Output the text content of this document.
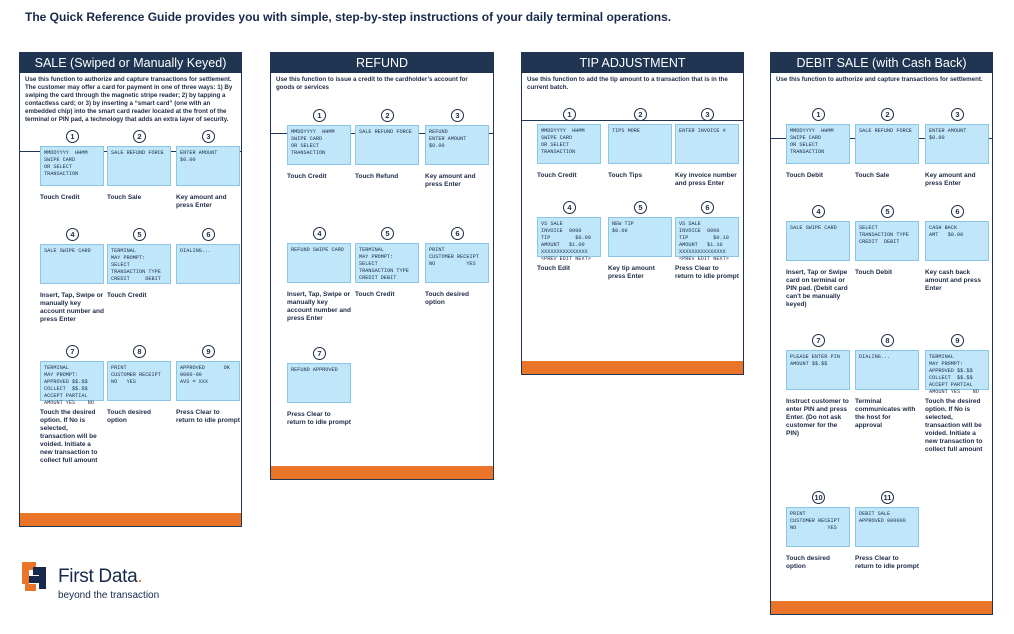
The Quick Reference Guide provides you with simple, step-by-step instructions of your daily terminal operations.
SALE (Swiped or Manually Keyed)
Use this function to authorize and capture transactions for settlement. The customer may offer a card for payment in one of three ways: 1) By swiping the card through the magnetic stripe reader; 2) by tapping a contactless card; or 3) by inserting a “smart card” (one with an embedded chip) into the smart card reader located at the front of the terminal or PIN pad, a technology that adds an extra layer of security.
1
MMDDYYYY  HHMM
SWIPE CARD
OR SELECT
TRANSACTION
Touch Credit
2
SALE REFUND FORCE
Touch Sale
3
ENTER AMOUNT
$0.00
Key amount and press Enter
4
SALE SWIPE CARD
Insert, Tap, Swipe or manually key account number and press Enter
5
TERMINAL
MAY PROMPT:
SELECT
TRANSACTION TYPE
CREDIT     DEBIT
Touch Credit
6
DIALING...
7
TERMINAL
MAY PROMPT:
APPROVED $$.$$
COLLECT  $$.$$
ACCEPT PARTIAL
AMOUNT YES    NO
Touch the desired option. If No is selected, transaction will be voided. Initiate a new transaction to collect full amount
8
PRINT
CUSTOMER RECEIPT
NO   YES
Touch desired option
9
APPROVED      OK
0000-00
AVS = XXX
Press Clear to return to idle prompt
REFUND
Use this function to issue a credit to the cardholder’s account for goods or services
1
MMDDYYYY  HHMM
SWIPE CARD
OR SELECT
TRANSACTION
Touch Credit
2
SALE REFUND FORCE
Touch Refund
3
REFUND
ENTER AMOUNT
$0.00
Key amount and press Enter
4
REFUND SWIPE CARD
Insert, Tap, Swipe or manually key account number and press Enter
5
TERMINAL
MAY PROMPT:
SELECT
TRANSACTION TYPE
CREDIT DEBIT
Touch Credit
6
PRINT
CUSTOMER RECEIPT
NO          YES
Touch desired option
7
REFUND APPROVED
Press Clear to return to idle prompt
TIP ADJUSTMENT
Use this function to add the tip amount to a transaction that is in the current batch.
1
MMDDYYYY  HHMM
SWIPE CARD
OR SELECT
TRANSACTION
Touch Credit
2
TIPS MORE
Touch Tips
3
ENTER INVOICE #
Key invoice number and press Enter
4
VS SALE
INVOICE  0000
TIP        $0.00
AMOUNT   $1.00
XXXXXXXXXXXXXXX
<PREV EDIT NEXT>
Touch Edit
5
NEW TIP
$0.00
Key tip amount press Enter
6
VS SALE
INVOICE  0000
TIP        $0.10
AMOUNT   $1.10
XXXXXXXXXXXXXXX
<PREV EDIT NEXT>
Press Clear to return to idle prompt
DEBIT SALE (with Cash Back)
Use this function to authorize and capture transactions for settlement.
1
MMDDYYYY  HHMM
SWIPE CARD
OR SELECT
TRANSACTION
Touch Debit
2
SALE REFUND FORCE
Touch Sale
3
ENTER AMOUNT
$0.00
Key amount and press Enter
4
SALE SWIPE CARD
Insert, Tap or Swipe card on terminal or PIN pad. (Debit card can't be manually keyed)
5
SELECT
TRANSACTION TYPE
CREDIT  DEBIT
Touch Debit
6
CASH BACK
AMT   $0.00
Key cash back amount and press Enter
7
PLEASE ENTER PIN
AMOUNT $$.$$
Instruct customer to enter PIN and press Enter. (Do not ask customer for the PIN)
8
DIALING...
Terminal communicates with the host for approval
9
TERMINAL
MAY PROMPT:
APPROVED $$.$$
COLLECT  $$.$$
ACCEPT PARTIAL
AMOUNT YES    NO
Touch the desired option. If No is selected, transaction will be voided. Initiate a new transaction to collect full amount
10
PRINT
CUSTOMER RECEIPT
NO          YES
Touch desired option
11
DEBIT SALE
APPROVED 000000
Press Clear to return to idle prompt
First Data.
beyond the transaction
